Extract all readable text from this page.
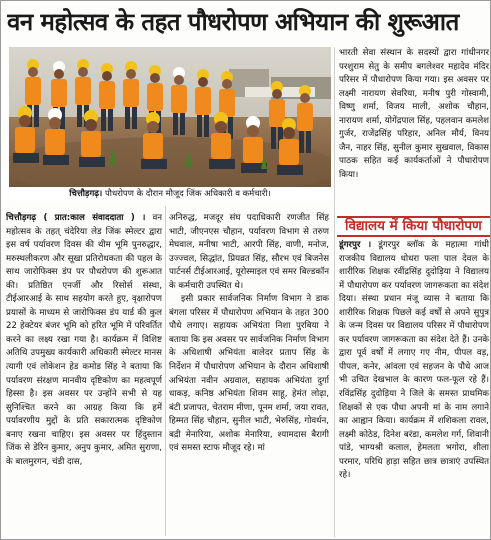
वन महोत्सव के तहत पौधरोपण अभियान की शुरूआत
चित्तौड़गढ़। पौधरोपण के दौरान मौजूद जिंक अधिकारी व कर्मचारी।

चित्तौड़गढ़ ( प्रात:काल संवाददाता ) । वन महोत्सव के तहत् चंदेरिया लेड जिंक स्मेल्टर द्वारा इस वर्ष पर्यावरण दिवस की थीम भूमि पुनरुद्धार, मरुस्थलीकरण और सूखा प्रतिरोधकता की पहल के साथ जारोफिक्स डंप पर पौधरोपण की शुरूआत की। प्रतिष्ठित एनर्जी और रिसोर्स संस्था, टीईआरआई के साथ सहयोग करते हुए, वृक्षारोपण प्रयासों के माध्यम से जारोफिक्स डंप यार्ड की कुल 22 हेक्टेयर बंजर भूमि को हरित भूमि में परिवर्तित करने का लक्ष्य रखा गया है। कार्यक्रम में विशिष्ट अतिथि उपमुख्य कार्यकारी अधिकारी स्मेल्टर मानस त्यागी एवं लोकेशन हेड कमोड सिंह ने बताया कि पर्यावरण संरक्षण मानवीय दृष्टिकोण का महत्वपूर्ण हिस्सा है। इस अवसर पर उन्होंने सभी से यह सुनिश्चित करने का आग्रह किया कि हमें पर्यावरणीय मुद्दों के प्रति सकारात्मक दृष्टिकोण बनाए रखना चाहिए। इस अवसर पर हिंदुस्तान जिंक से डेरिन कुमार, अनुप कुमार, अमित सुराणा, के बालमुरगन, चंडी दास,

अनिरुद्ध, मजदूर संघ पदाधिकारी रणजीत सिंह भाटी, जीएनएस चौहान, पर्यावरण विभाग से तरुण मेघवाल, मनीषा भाटी, आरपी सिंह, वाणी, मनोज, उज्ज्वल, सिद्धांत, प्रियव्रत सिंह, सौरभ एवं बिजनेस पार्टनर्स टीईआरआई, यूरोस्माइल एवं समर बिल्डकॉन के कर्मचारी उपस्थित थे।

इसी प्रकार सार्वजनिक निर्माण विभाग ने डाक बंगला परिसर में पौधारोपण अभियान के तहत 300 पौधे लगाए। सहायक अभियंता निशा पुरबिया ने बताया कि इस अवसर पर सार्वजनिक निर्माण विभाग के अधिशाषी अभियंता बालेदर प्रताप सिंह के निर्देशन में पौधारोपण अभियान के दौरान अधिशाषी अभियंता नवीन अग्रवाल, सहायक अभियंता दुर्गा धाकड़, कनिष्ठ अभियंता शिवम साहू, हेमंत लोढ़ा, बंटी प्रजापत, चेतराम मीणा, पूनम शर्मा, जया रावत, हिम्मत सिंह चौहान, सुनील भाटी, भेरुसिंह, गोवर्धन, बद्री मेनारिया, अशोक मेनारिया, श्यामदास बैरागी एवं समस्त स्टाफ मौजूद रहे। मां

भारती सेवा संस्थान के सदस्यों द्वारा गांधीनगर परशुराम सेतु के समीप बगलेश्वर महादेव मंदिर परिसर में पौधारोपण किया गया। इस अवसर पर लक्ष्मी नारायण सेवरिया, मनीष पुरी गोस्वामी, विष्णु शर्मा, विजय माली, अशोक चौहान, नारायण शर्मा, योगेंद्रपाल सिंह, पहलवान कमलेश गुर्जर, राजेंद्रसिंह परिहार, अनिल मौर्य, विनय जैन, नाहर सिंह, सुनील कुमार सुखवाल, विकास पाठक सहित कई कार्यकर्ताओं ने पौधारोपण किया।

विद्यालय में किया पौधारोपण

डूंगरपुर । डूंगरपुर ब्लॉक के महात्मा गांधी राजकीय विद्यालय धोधरा फला पाल देवल के शारीरिक शिक्षक रवींद्रसिंह दुदोड़िया ने विद्यालय में पौधारोपण कर पर्यावरण जागरूकता का संदेश दिया। संस्था प्रधान मंजू व्यास ने बताया कि शारीरिक शिक्षक पिछले कई वर्षों से अपने सुपुत्र के जन्म दिवस पर विद्यालय परिसर में पौधारोपण कर पर्यावरण जागरूकता का संदेश देते हैं। उनके द्वारा पूर्व वर्षों में लगाए गए नीम, पीपल वड़, पीपल, कनेर, आंवला एवं सहजन के पौधे आज भी उचित देखभाल के कारण फल-फूल रहे हैं। रविंद्रसिंह दुदोड़िया ने जिले के समस्त प्राथमिक शिक्षकों से एक पौधा अपनी मां के नाम लगाने का आह्वान किया। कार्यक्रम में शशिकला रावल, लक्ष्मी कोठेड, दिनेश बरंडा, कमलेश गर्ग, शिवानी पांडे, भाग्यश्री कलाल, हेमलता भगोरा, शीला परमार, परिधि हाड़ा सहित छात्र छात्राएं उपस्थित रहे।
